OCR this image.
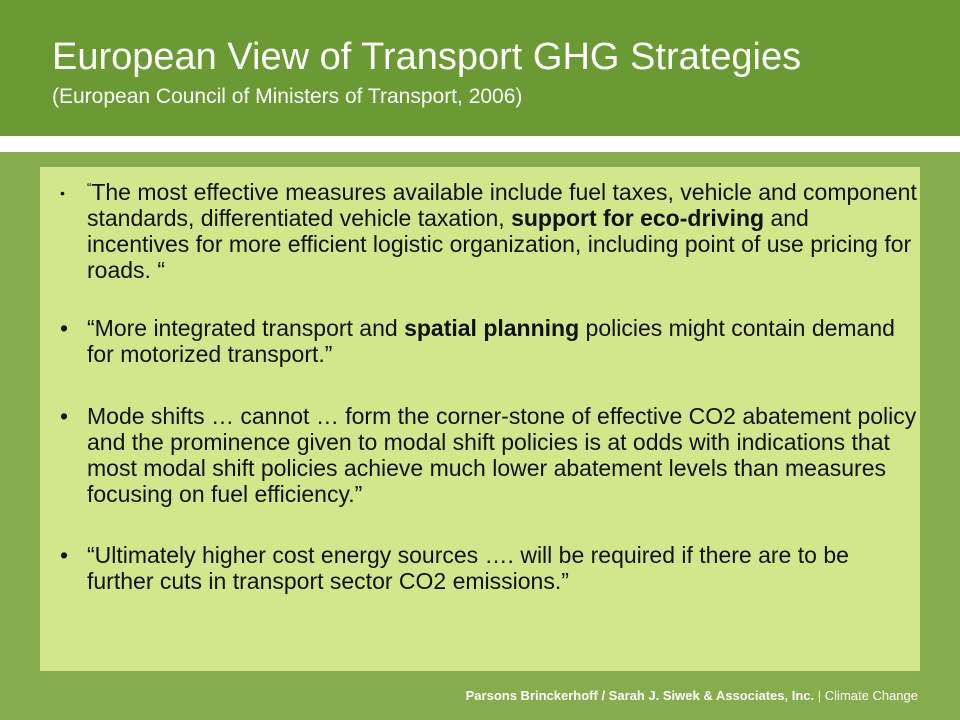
European View of Transport GHG Strategies
(European Council of Ministers of Transport, 2006)
•	“The most effective measures available include fuel taxes, vehicle and component standards, differentiated vehicle taxation, support for eco-driving and incentives for more efficient logistic organization, including point of use pricing for roads. “
• “More integrated transport and spatial planning policies might contain demand for motorized transport.”
• Mode shifts … cannot … form the corner-stone of effective CO2 abatement policy and the prominence given to modal shift policies is at odds with indications that most modal shift policies achieve much lower abatement levels than measures focusing on fuel efficiency.”
• “Ultimately higher cost energy sources …. will be required if there are to be further cuts in transport sector CO2 emissions.”
Parsons Brinckerhoff / Sarah J. Siwek & Associates, Inc. | Climate Change
